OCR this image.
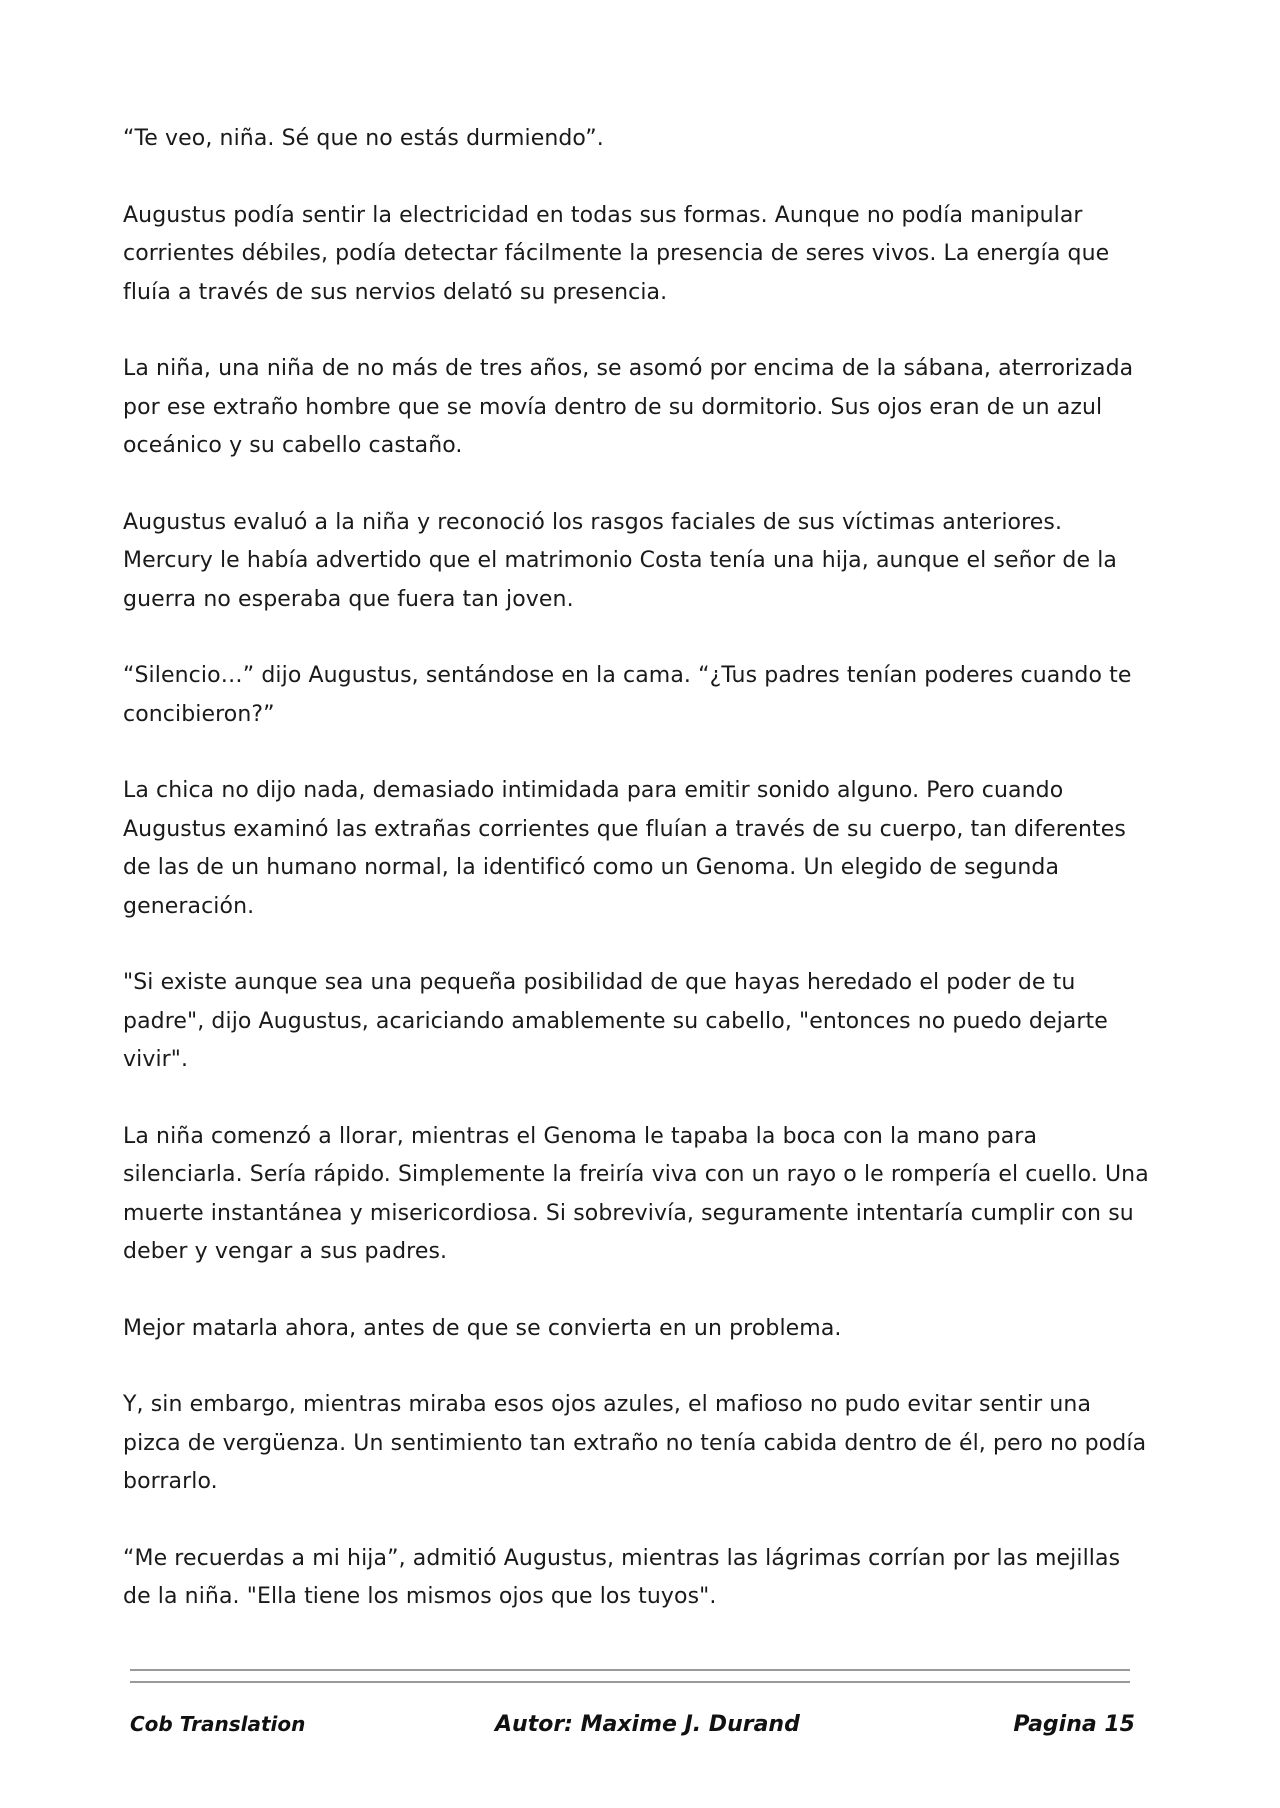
“Te veo, niña. Sé que no estás durmiendo”.

Augustus podía sentir la electricidad en todas sus formas. Aunque no podía manipular corrientes débiles, podía detectar fácilmente la presencia de seres vivos. La energía que fluía a través de sus nervios delató su presencia.

La niña, una niña de no más de tres años, se asomó por encima de la sábana, aterrorizada por ese extraño hombre que se movía dentro de su dormitorio. Sus ojos eran de un azul oceánico y su cabello castaño.

Augustus evaluó a la niña y reconoció los rasgos faciales de sus víctimas anteriores. Mercury le había advertido que el matrimonio Costa tenía una hija, aunque el señor de la guerra no esperaba que fuera tan joven.

“Silencio…” dijo Augustus, sentándose en la cama. “¿Tus padres tenían poderes cuando te concibieron?”

La chica no dijo nada, demasiado intimidada para emitir sonido alguno. Pero cuando Augustus examinó las extrañas corrientes que fluían a través de su cuerpo, tan diferentes de las de un humano normal, la identificó como un Genoma. Un elegido de segunda generación.

"Si existe aunque sea una pequeña posibilidad de que hayas heredado el poder de tu padre", dijo Augustus, acariciando amablemente su cabello, "entonces no puedo dejarte vivir".

La niña comenzó a llorar, mientras el Genoma le tapaba la boca con la mano para silenciarla. Sería rápido. Simplemente la freiría viva con un rayo o le rompería el cuello. Una muerte instantánea y misericordiosa. Si sobrevivía, seguramente intentaría cumplir con su deber y vengar a sus padres.

Mejor matarla ahora, antes de que se convierta en un problema.

Y, sin embargo, mientras miraba esos ojos azules, el mafioso no pudo evitar sentir una pizca de vergüenza. Un sentimiento tan extraño no tenía cabida dentro de él, pero no podía borrarlo.

“Me recuerdas a mi hija”, admitió Augustus, mientras las lágrimas corrían por las mejillas de la niña. "Ella tiene los mismos ojos que los tuyos".

Cob Translation	Autor: Maxime J. Durand	Pagina 15
